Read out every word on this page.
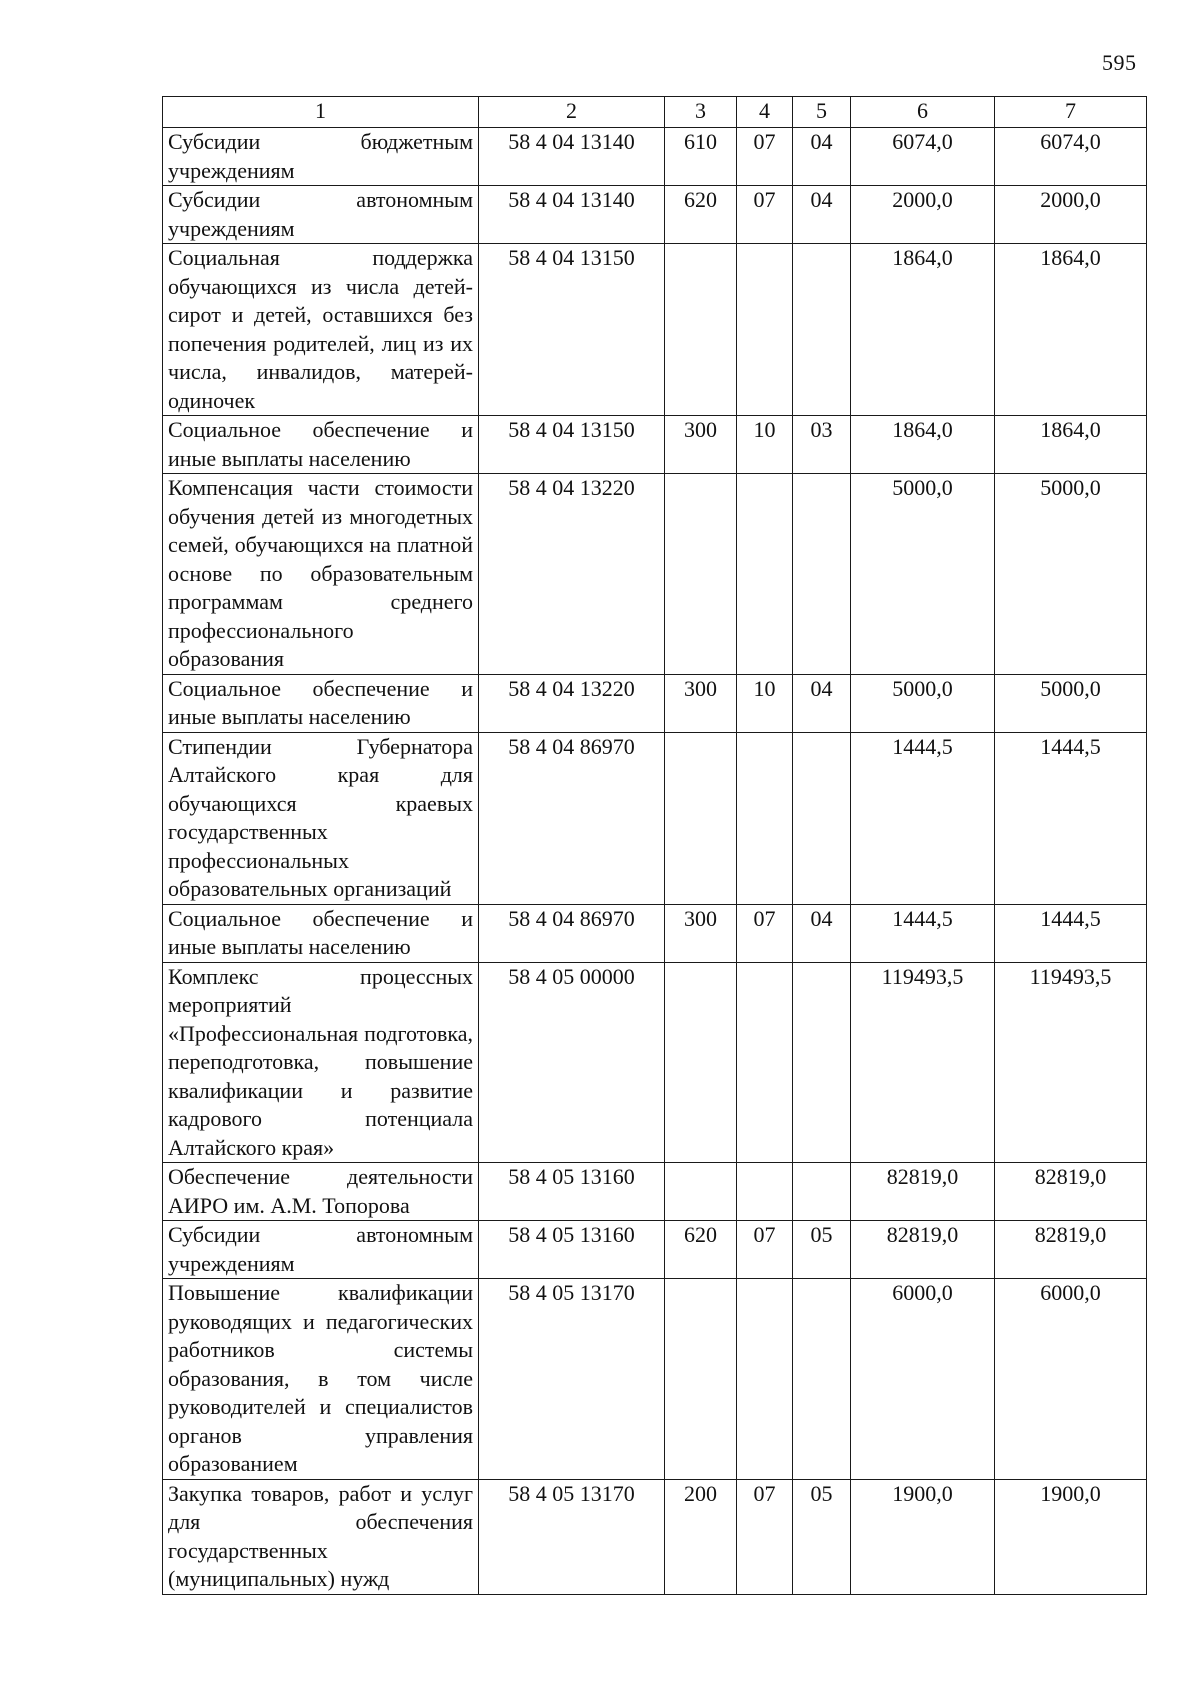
595
1	2	3	4	5	6	7
Субсидии бюджетным учреждениям	58 4 04 13140	610	07	04	6074,0	6074,0
Субсидии автономным учреждениям	58 4 04 13140	620	07	04	2000,0	2000,0
Социальная поддержка обучающихся из числа детей-сирот и детей, оставшихся без попечения родителей, лиц из их числа, инвалидов, матерей-одиночек	58 4 04 13150				1864,0	1864,0
Социальное обеспечение и иные выплаты населению	58 4 04 13150	300	10	03	1864,0	1864,0
Компенсация части стоимости обучения детей из многодетных семей, обучающихся на платной основе по образовательным программам среднего профессионального образования	58 4 04 13220				5000,0	5000,0
Социальное обеспечение и иные выплаты населению	58 4 04 13220	300	10	04	5000,0	5000,0
Стипендии Губернатора Алтайского края для обучающихся краевых государственных профессиональных образовательных организаций	58 4 04 86970				1444,5	1444,5
Социальное обеспечение и иные выплаты населению	58 4 04 86970	300	07	04	1444,5	1444,5
Комплекс процессных мероприятий «Профессиональная подготовка, переподготовка, повышение квалификации и развитие кадрового потенциала Алтайского края»	58 4 05 00000				119493,5	119493,5
Обеспечение деятельности АИРО им. А.М. Топорова	58 4 05 13160				82819,0	82819,0
Субсидии автономным учреждениям	58 4 05 13160	620	07	05	82819,0	82819,0
Повышение квалификации руководящих и педагогических работников системы образования, в том числе руководителей и специалистов органов управления образованием	58 4 05 13170				6000,0	6000,0
Закупка товаров, работ и услуг для обеспечения государственных (муниципальных) нужд	58 4 05 13170	200	07	05	1900,0	1900,0
